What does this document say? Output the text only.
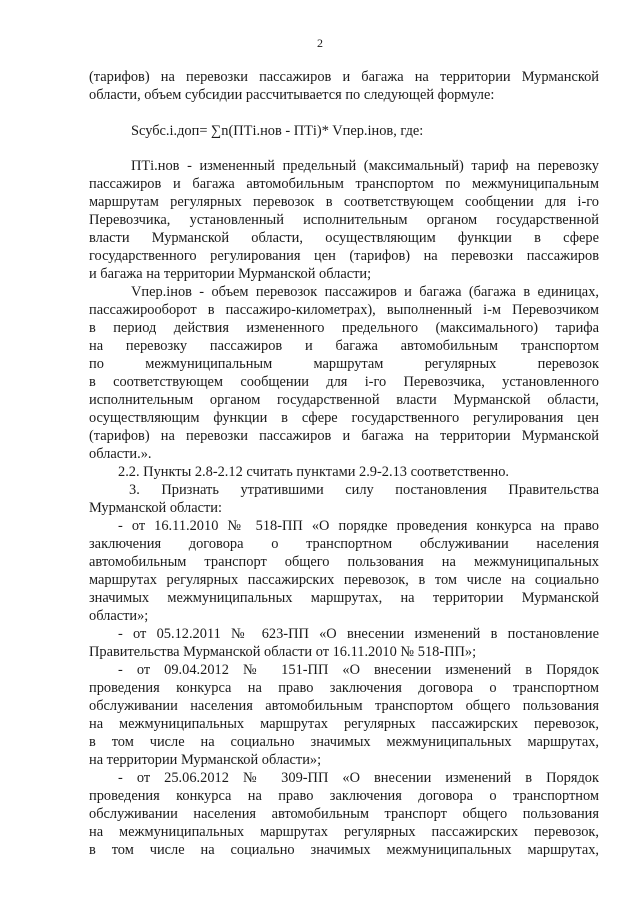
2
Sсубс.i.доп= ∑n(ПТi.нов - ПТi)* Vпер.iнов, где:
(тарифов) на перевозки пассажиров и багажа на территории Мурманской
области, объем субсидии рассчитывается по следующей формуле:
ПТi.нов - измененный предельный (максимальный) тариф на перевозку
пассажиров и багажа автомобильным транспортом по межмуниципальным
маршрутам регулярных перевозок в соответствующем сообщении для i-го
Перевозчика, установленный исполнительным органом государственной
власти Мурманской области, осуществляющим функции в сфере
государственного регулирования цен (тарифов) на перевозки пассажиров
и багажа на территории Мурманской области;
Vпер.iнов - объем перевозок пассажиров и багажа (багажа в единицах,
пассажирооборот в пассажиро-километрах), выполненный i-м Перевозчиком
в период действия измененного предельного (максимального) тарифа
на перевозку пассажиров и багажа автомобильным транспортом
по межмуниципальным маршрутам регулярных перевозок
в соответствующем сообщении для i-го Перевозчика, установленного
исполнительным органом государственной власти Мурманской области,
осуществляющим функции в сфере государственного регулирования цен
(тарифов) на перевозки пассажиров и багажа на территории Мурманской
области.».
2.2. Пункты 2.8-2.12 считать пунктами 2.9-2.13 соответственно.
3. Признать утратившими силу постановления Правительства
Мурманской области:
- от 16.11.2010 № 518-ПП «О порядке проведения конкурса на право
заключения договора о транспортном обслуживании населения
автомобильным транспорт общего пользования на межмуниципальных
маршрутах регулярных пассажирских перевозок, в том числе на социально
значимых межмуниципальных маршрутах, на территории Мурманской
области»;
- от 05.12.2011 № 623-ПП «О внесении изменений в постановление
Правительства Мурманской области от 16.11.2010 № 518-ПП»;
- от 09.04.2012 № 151-ПП «О внесении изменений в Порядок
проведения конкурса на право заключения договора о транспортном
обслуживании населения автомобильным транспортом общего пользования
на межмуниципальных маршрутах регулярных пассажирских перевозок,
в том числе на социально значимых межмуниципальных маршрутах,
на территории Мурманской области»;
- от 25.06.2012 № 309-ПП «О внесении изменений в Порядок
проведения конкурса на право заключения договора о транспортном
обслуживании населения автомобильным транспорт общего пользования
на межмуниципальных маршрутах регулярных пассажирских перевозок,
в том числе на социально значимых межмуниципальных маршрутах,
